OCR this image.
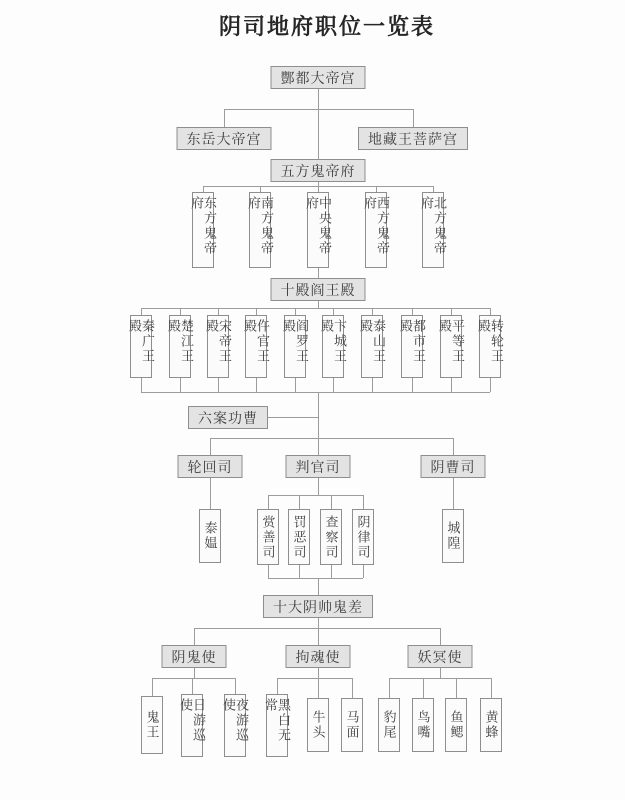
阴司地府职位一览表
酆都大帝宫
东岳大帝宫	地藏王菩萨宫
五方鬼帝府
东方鬼帝府	南方鬼帝府	中央鬼帝府	西方鬼帝府	北方鬼帝府
十殿阎王殿
秦广王殿	楚江王殿	宋帝王殿	仵官王殿	阎罗王殿	卞城王殿	泰山王殿	都市王殿	平等王殿	转轮王殿
六案功曹
轮回司	判官司	阴曹司
泰媪	赏善司 罚恶司 查察司 阴律司	城隍
十大阴帅鬼差
阴鬼使	拘魂使	妖冥使
鬼王	日游巡使	夜游巡使	黑白无常
牛头 马面 豹尾 鸟嘴 鱼鳃 黄蜂
